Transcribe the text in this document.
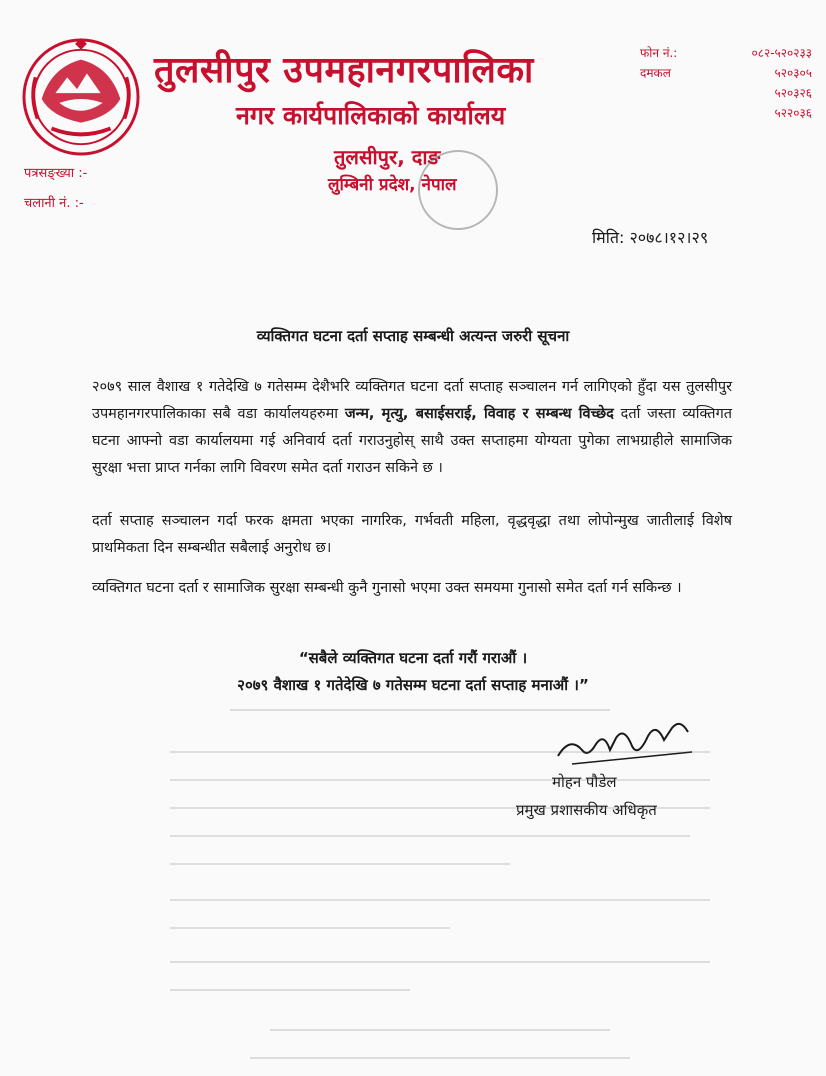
तुलसीपुर उपमहानगरपालिका
नगर कार्यपालिकाको कार्यालय
तुलसीपुर, दाङ
लुम्बिनी प्रदेश, नेपाल
फोन नं.:	०८२-५२०२३३
दमकल	५२०३०५
५२०३२६
५२२०३६
पत्रसङ्ख्या :-
चलानी नं. :-
मिति: २०७८।१२।२९
व्यक्तिगत घटना दर्ता सप्ताह सम्बन्धी अत्यन्त जरुरी सूचना
२०७९ साल वैशाख १ गतेदेखि ७ गतेसम्म देशैभरि व्यक्तिगत घटना दर्ता सप्ताह सञ्चालन गर्न लागिएको हुँदा यस तुलसीपुर उपमहानगरपालिकाका सबै वडा कार्यालयहरुमा जन्म, मृत्यु, बसाईसराई, विवाह र सम्बन्ध विच्छेद दर्ता जस्ता व्यक्तिगत घटना आफ्नो वडा कार्यालयमा गई अनिवार्य दर्ता गराउनुहोस् साथै उक्त सप्ताहमा योग्यता पुगेका लाभग्राहीले सामाजिक सुरक्षा भत्ता प्राप्त गर्नका लागि विवरण समेत दर्ता गराउन सकिने छ ।
दर्ता सप्ताह सञ्चालन गर्दा फरक क्षमता भएका नागरिक, गर्भवती महिला, वृद्धवृद्धा तथा लोपोन्मुख जातीलाई विशेष प्राथमिकता दिन सम्बन्धीत सबैलाई अनुरोध छ।
व्यक्तिगत घटना दर्ता र सामाजिक सुरक्षा सम्बन्धी कुनै गुनासो भएमा उक्त समयमा गुनासो समेत दर्ता गर्न सकिन्छ ।
“सबैले व्यक्तिगत घटना दर्ता गरौं गराऔं ।
२०७९ वैशाख १ गतेदेखि ७ गतेसम्म घटना दर्ता सप्ताह मनाऔं ।”
मोहन पौडेल
प्रमुख प्रशासकीय अधिकृत
